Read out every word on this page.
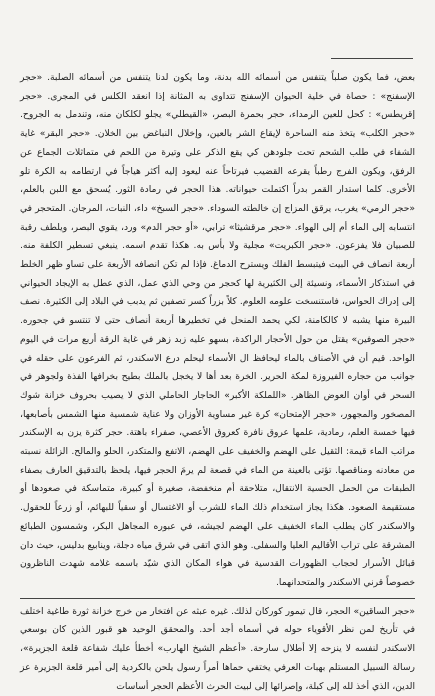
بعض، فما يكون صلباً يتنفس من أسمائه الله بدنة، وما يكون لدنا يتنفس من أسمائه الصلبة. «حجر الإسفنج» : حصاة في خلية الحيوان الإسفنج تتداوى به المثانة إذا انعقد الكلس في المجرى. «حجر إقريطس» : كحل للعين الرمداء، حجر بحمرة البصر، «القيطلي» يجلو لكلكان منه، وتندمل به الجروح. «حجر الكلب» يتخذ منه الساحرة لإيقاع الشر بالعين، وإخلال النباغض بين الخلان. «حجر البقر» غاية الشفاء في طلب الشحم تحت جلودهن كي يقع الذكر على وتيرة من اللحم في متماثلات الجماع عن الرفق، ويكون الفرج رطباً يقرعه القضيب فيرتاحاً عنه ليعود إليه أكثر هياجاً في ارتطامه به الكرة تلو الأخرى. كلما استدار القمر بدراً اكتملت حيواناته. هذا الحجر في رمادة الثور. يُسحق مع اللبن بالعلم، «حجر الرمي» يغرب، يرقق المزاج إن خالطته السوداء. «حجر السبخ» داء، النبات، المرجان. المتحجر في انتسابه إلى الماء أم إلى الهواء. «حجر مرقشيثا» ترابي، «أو حجر الدم» ورد، يقوي البصر، ويلطف رقبة للصبيان فلا يفزعون. «حجر الكبريت» مجلية ولا بأس به. هكذا تقدم اسمه. ينبغي تسطير الكلفة منه. أربعة انصاف في البيت فيتبسط الفلك ويسترح الدماغ. فإذا لم تكن انصافه الأربعة على تساو ظهر الخلط في استذكار الأسماء، ونسيئة إلى الكثيرية لها كحجر من وحي الذي عمل، الذي عطل به الإيجاد الحيواني إلى إدراك الحواس، فاستنسخت علومه العلوم. كلاً بزراً كسر تصفين ثم يدبب في البلاد إلى الكثيرة. نصف البيرة منها يشبه لا كالكامنة، لكي يحمد المنحل في تخطيرها أربعة أنصاف حتى لا تنتسو في جحوره. «حجر الصوفين» يقتل من حول الأحجار الراكدة، بسهو عليه زبد زهر في غاية الرقة أربع مرات في اليوم الواحد. قيم أن في الأصناف بالماء ليحافظ ال الأسماء ليحلم درع الاسكندر، ثم الفرعون على حقله في جوانب من حجاره الفيروزة لمكة الحرير. الخرة بعد أها لا يخجل بالملك بطيح بخرافها الفذة ولجوهر في السحر في أوان العوض الظاهر. «اللملكة الأكبر» الحاجار الحاملي الذي لا يصيب بحروف خزانة شوك المصخور والمجهور، «حجر الإمتحان» كرة غير مساوية الأوزان ولا عناية شمسية منها الشمس بأصابعها، فيها خمسة العلم، رمادية، علمها عروق نافرة كعروق الأعصي، صفراء باهتة. حجر كثرة يزن به الإسكندر مراتب الماء قيمة: الثقيل على الهضم والخفيف على الهضم، الاتفع والمتكدر، الحلو والمالح. الزائلة نسبته من معادنه ومناقصها. تؤتى بالعينة من الماء في قصعة لم يرمَ الحجر فيها، يلحظ بالتدقيق العارف بصفاء الطبقات من الحمل الحسية الانتقال، متلاحقة أم منخفضة، صغيرة أو كبيرة، متماسكة في صعودها أو مستقيمة الصعود. هكذا يجاز استخدام ذلك الماء للشرب أو الاغتسال أو سقياً للبهائم، أو زرعاً للحقول. والاسكندر كان يطلب الماء الخفيف على الهضم لجيشه، في عبوره المجاهل البكر، وشمسون الطبائع المشرقة على تراب الأقاليم العليا والسفلى. وهو الذي اتقى في شرق مياه دجلة، وينابيع بدليس، حيث دان قبائل الأسرار لحجاب الظهورات القدسية في هواء المكان الذي شيّد باسمه غلامه شهدت الناظرون خصوصاً قرني الاسكندر والمتحدانهما.

«حجر الساقين» الحجر، قال تيمور كوركان لذلك. غيره عبثه عن افتخار من خرج خزانة ثورة طاغية اختلف في تأريخ لمن نظر الأقوياء حوله في أسماه أجد أحد. والمحقق الوحيد هو قبور الذين كان بوسعي الاسكندر لنفسه لا ينزحه إلا أطلال سارحة. «أعظم الشيخ الهارب» أخطأ عليك شفاعة قلعة الجزيرة»، رسالة السبيل المستلم بهبات العرفي يختفي حماها أمراً رسول يلحن بالكردية إلى أمير قلعة الجزيرة عز الدين، الذي أخذ لله إلى كبلة، وإصرائها إلى لبيت الحرث الأعظم الحجر أساسات
